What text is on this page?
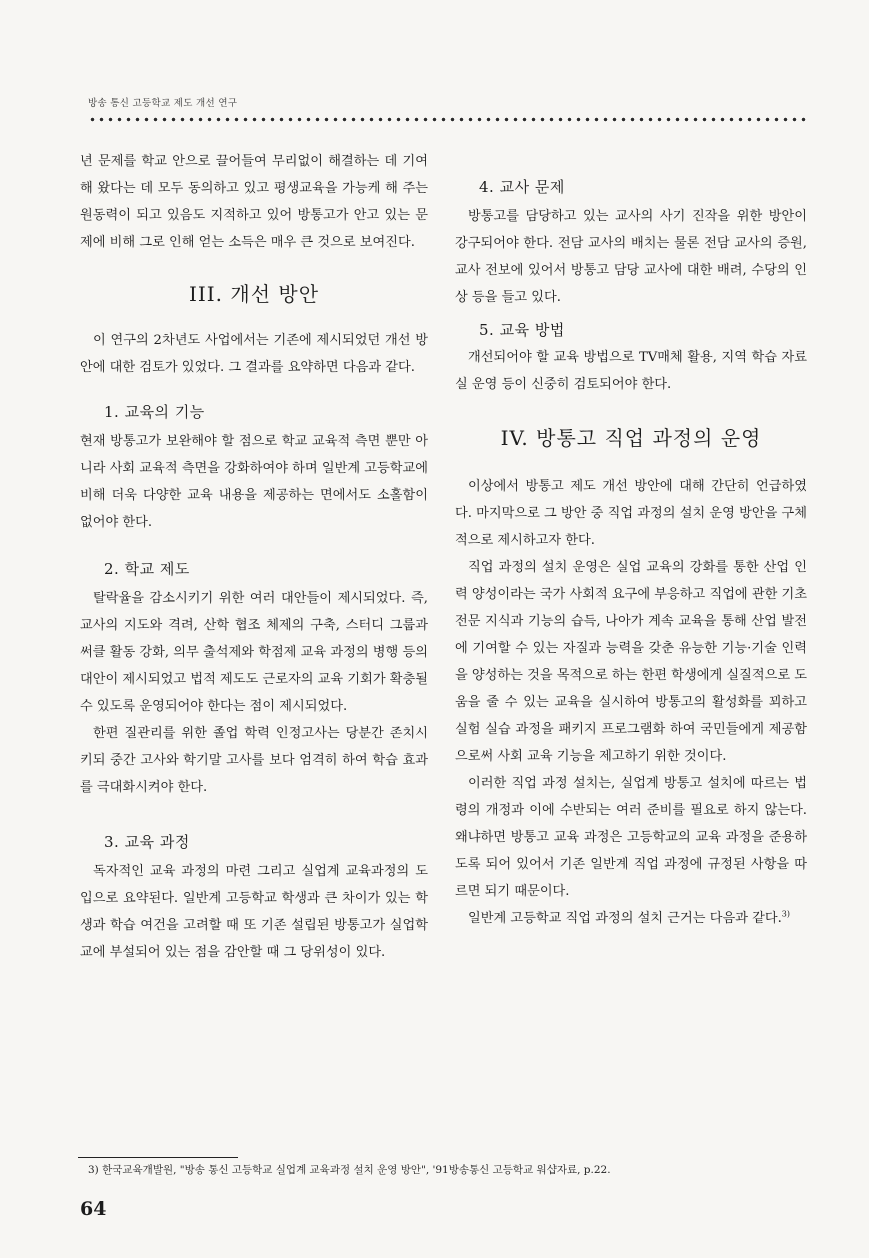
방송 통신 고등학교 제도 개선 연구

년 문제를 학교 안으로 끌어들여 무리없이 해결하는 데 기여해 왔다는 데 모두 동의하고 있고 평생교육을 가능케 해 주는 원동력이 되고 있음도 지적하고 있어 방통고가 안고 있는 문제에 비해 그로 인해 얻는 소득은 매우 큰 것으로 보여진다.

III. 개선 방안

이 연구의 2차년도 사업에서는 기존에 제시되었던 개선 방안에 대한 검토가 있었다. 그 결과를 요약하면 다음과 같다.

1. 교육의 기능

현재 방통고가 보완해야 할 점으로 학교 교육적 측면 뿐만 아니라 사회 교육적 측면을 강화하여야 하며 일반계 고등학교에 비해 더욱 다양한 교육 내용을 제공하는 면에서도 소홀함이 없어야 한다.

2. 학교 제도

탈락율을 감소시키기 위한 여러 대안들이 제시되었다. 즉, 교사의 지도와 격려, 산학 협조 체제의 구축, 스터디 그룹과 써클 활동 강화, 의무 출석제와 학점제 교육 과정의 병행 등의 대안이 제시되었고 법적 제도도 근로자의 교육 기회가 확충될 수 있도록 운영되어야 한다는 점이 제시되었다.

한편 질관리를 위한 졸업 학력 인정고사는 당분간 존치시키되 중간 고사와 학기말 고사를 보다 엄격히 하여 학습 효과를 극대화시켜야 한다.

3. 교육 과정

독자적인 교육 과정의 마련 그리고 실업계 교육과정의 도입으로 요약된다. 일반계 고등학교 학생과 큰 차이가 있는 학생과 학습 여건을 고려할 때 또 기존 설립된 방통고가 실업학교에 부설되어 있는 점을 감안할 때 그 당위성이 있다.

4. 교사 문제

방통고를 담당하고 있는 교사의 사기 진작을 위한 방안이 강구되어야 한다. 전담 교사의 배치는 물론 전담 교사의 증원, 교사 전보에 있어서 방통고 담당 교사에 대한 배려, 수당의 인상 등을 들고 있다.

5. 교육 방법

개선되어야 할 교육 방법으로 TV매체 활용, 지역 학습 자료실 운영 등이 신중히 검토되어야 한다.

IV. 방통고 직업 과정의 운영

이상에서 방통고 제도 개선 방안에 대해 간단히 언급하였다. 마지막으로 그 방안 중 직업 과정의 설치 운영 방안을 구체적으로 제시하고자 한다.

직업 과정의 설치 운영은 실업 교육의 강화를 통한 산업 인력 양성이라는 국가 사회적 요구에 부응하고 직업에 관한 기초 전문 지식과 기능의 습득, 나아가 계속 교육을 통해 산업 발전에 기여할 수 있는 자질과 능력을 갖춘 유능한 기능·기술 인력을 양성하는 것을 목적으로 하는 한편 학생에게 실질적으로 도움을 줄 수 있는 교육을 실시하여 방통고의 활성화를 꾀하고 실험 실습 과정을 패키지 프로그램화 하여 국민들에게 제공함으로써 사회 교육 기능을 제고하기 위한 것이다.

이러한 직업 과정 설치는, 실업계 방통고 설치에 따르는 법령의 개정과 이에 수반되는 여러 준비를 필요로 하지 않는다. 왜냐하면 방통고 교육 과정은 고등학교의 교육 과정을 준용하도록 되어 있어서 기존 일반계 직업 과정에 규정된 사항을 따르면 되기 때문이다.

일반계 고등학교 직업 과정의 설치 근거는 다음과 같다.$^{3)}$

3) 한국교육개발원, "방송 통신 고등학교 실업계 교육과정 설치 운영 방안", '91방송통신 고등학교 워샵자료, p.22.
64
